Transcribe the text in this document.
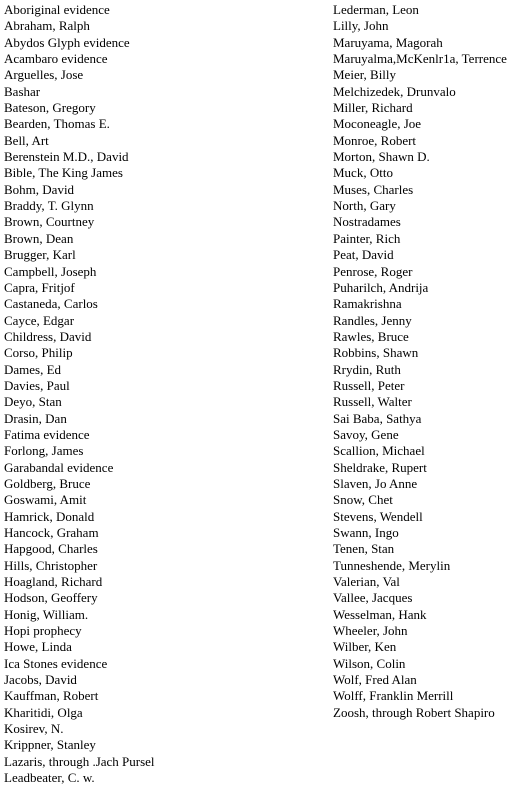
Aboriginal evidence
Abraham, Ralph
Abydos Glyph evidence
Acambaro evidence
Arguelles, Jose
Bashar
Bateson, Gregory
Bearden, Thomas E.
Bell, Art
Berenstein M.D., David
Bible, The King James
Bohm, David
Braddy, T. Glynn
Brown, Courtney
Brown, Dean
Brugger, Karl
Campbell, Joseph
Capra, Fritjof
Castaneda, Carlos
Cayce, Edgar
Childress, David
Corso, Philip
Dames, Ed
Davies, Paul
Deyo, Stan
Drasin, Dan
Fatima evidence
Forlong, James
Garabandal evidence
Goldberg, Bruce
Goswami, Amit
Hamrick, Donald
Hancock, Graham
Hapgood, Charles
Hills, Christopher
Hoagland, Richard
Hodson, Geoffery
Honig, William.
Hopi prophecy
Howe, Linda
Ica Stones evidence
Jacobs, David
Kauffman, Robert
Kharitidi, Olga
Kosirev, N.
Krippner, Stanley
Lazaris, through .Jach Pursel
Leadbeater, C. w.
Lederman, Leon
Lilly, John
Maruyama, Magorah
Maruyalma,McKenlr1a, Terrence
Meier, Billy
Melchizedek, Drunvalo
Miller, Richard
Moconeagle, Joe
Monroe, Robert
Morton, Shawn D.
Muck, Otto
Muses, Charles
North, Gary
Nostradames
Painter, Rich
Peat, David
Penrose, Roger
Puharilch, Andrija
Ramakrishna
Randles, Jenny
Rawles, Bruce
Robbins, Shawn
Rrydin, Ruth
Russell, Peter
Russell, Walter
Sai Baba, Sathya
Savoy, Gene
Scallion, Michael
Sheldrake, Rupert
Slaven, Jo Anne
Snow, Chet
Stevens, Wendell
Swann, Ingo
Tenen, Stan
Tunneshende, Merylin
Valerian, Val
Vallee, Jacques
Wesselman, Hank
Wheeler, John
Wilber, Ken
Wilson, Colin
Wolf, Fred Alan
Wolff, Franklin Merrill
Zoosh, through Robert Shapiro
